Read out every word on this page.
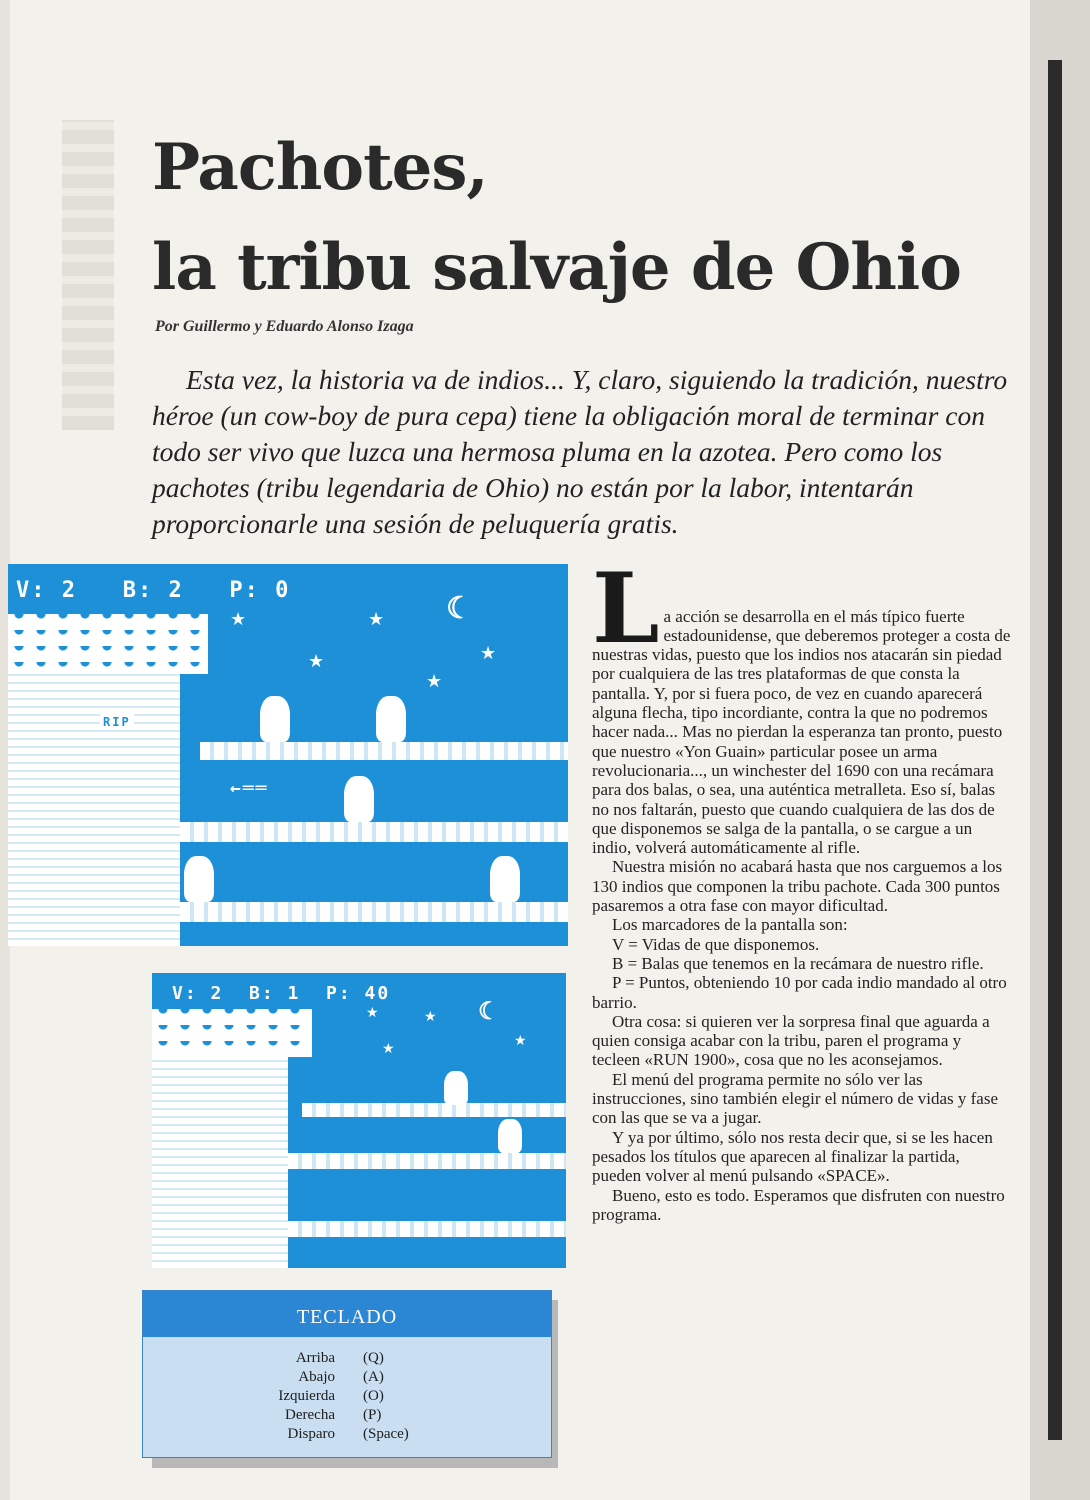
Pachotes,
la tribu salvaje de Ohio
Por Guillermo y Eduardo Alonso Izaga

Esta vez, la historia va de indios... Y, claro, siguiendo la tradición, nuestro héroe (un cow-boy de pura cepa) tiene la obligación moral de terminar con todo ser vivo que luzca una hermosa pluma en la azotea. Pero como los pachotes (tribu legendaria de Ohio) no están por la labor, intentarán proporcionarle una sesión de peluquería gratis.

V: 2   B: 2   P: 0
RIP
★	★
★	★
★
☾
←══
V: 2  B: 1  P: 40
★	★
★
★
☾

La acción se desarrolla en el más típico fuerte estadounidense, que deberemos proteger a costa de nuestras vidas, puesto que los indios nos atacarán sin piedad por cualquiera de las tres plataformas de que consta la pantalla. Y, por si fuera poco, de vez en cuando aparecerá alguna flecha, tipo incordiante, contra la que no podremos hacer nada... Mas no pierdan la esperanza tan pronto, puesto que nuestro «Yon Guain» particular posee un arma revolucionaria..., un winchester del 1690 con una recámara para dos balas, o sea, una auténtica metralleta. Eso sí, balas no nos faltarán, puesto que cuando cualquiera de las dos de que disponemos se salga de la pantalla, o se cargue a un indio, volverá automáticamente al rifle.

Nuestra misión no acabará hasta que nos carguemos a los 130 indios que componen la tribu pachote. Cada 300 puntos pasaremos a otra fase con mayor dificultad.

Los marcadores de la pantalla son:

V = Vidas de que disponemos.

B = Balas que tenemos en la recámara de nuestro rifle.

P = Puntos, obteniendo 10 por cada indio mandado al otro barrio.

Otra cosa: si quieren ver la sorpresa final que aguarda a quien consiga acabar con la tribu, paren el programa y tecleen «RUN 1900», cosa que no les aconsejamos.

El menú del programa permite no sólo ver las instrucciones, sino también elegir el número de vidas y fase con las que se va a jugar.

Y ya por último, sólo nos resta decir que, si se les hacen pesados los títulos que aparecen al finalizar la partida, pueden volver al menú pulsando «SPACE».

Bueno, esto es todo. Esperamos que disfruten con nuestro programa.

TECLADO
Arriba (Q)
Abajo (A)
Izquierda (O)
Derecha (P)
Disparo (Space)
